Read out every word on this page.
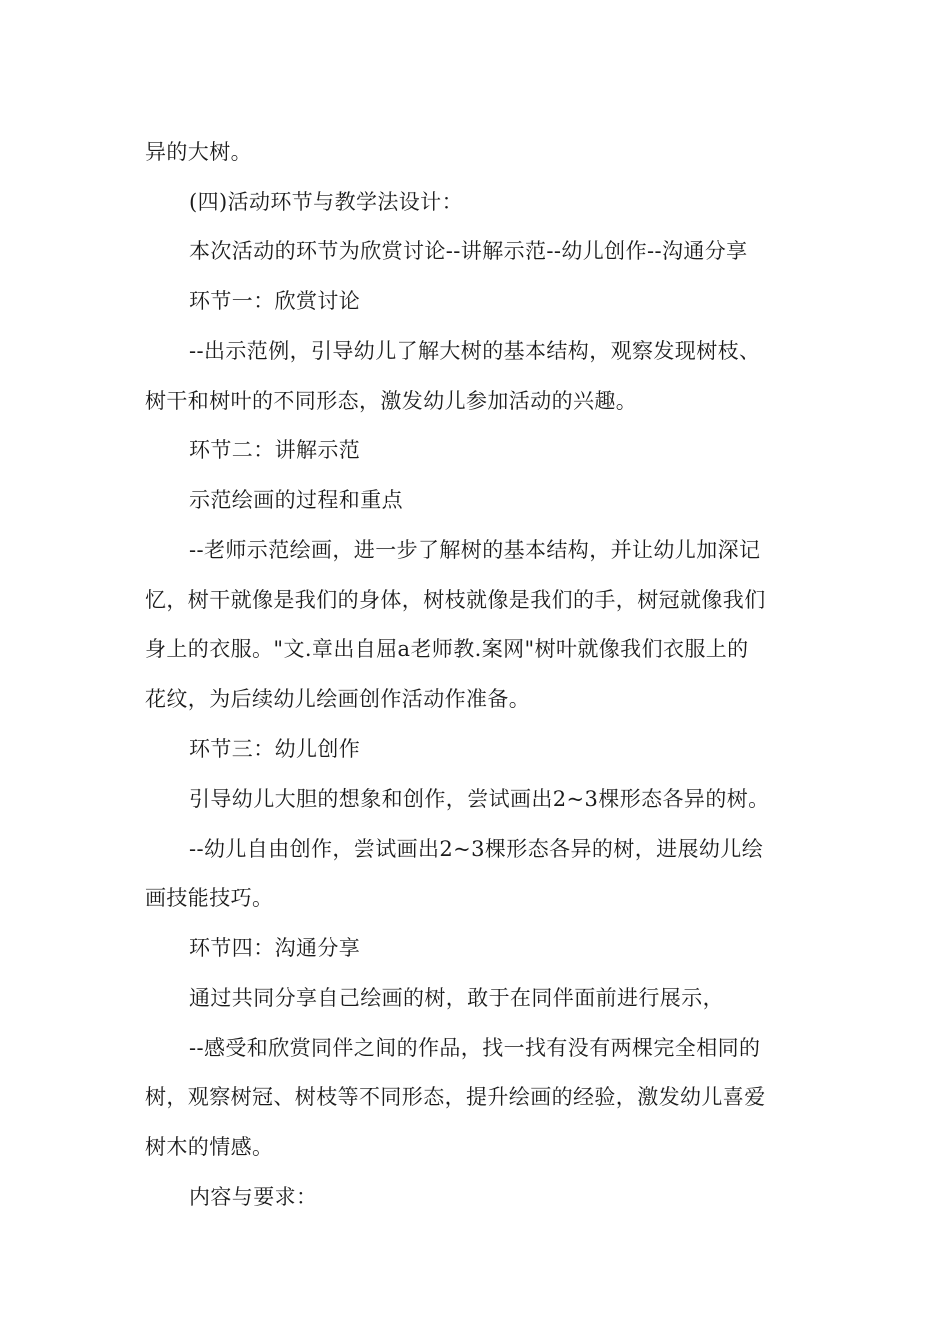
异的大树。
(四)活动环节与教学法设计：
本次活动的环节为欣赏讨论--讲解示范--幼儿创作--沟通分享
环节一：欣赏讨论
--出示范例，引导幼儿了解大树的基本结构，观察发现树枝、
树干和树叶的不同形态，激发幼儿参加活动的兴趣。
环节二：讲解示范
示范绘画的过程和重点
--老师示范绘画，进一步了解树的基本结构，并让幼儿加深记
忆，树干就像是我们的身体，树枝就像是我们的手，树冠就像我们
身上的衣服。"文.章出自屈a老师教.案网"树叶就像我们衣服上的
花纹，为后续幼儿绘画创作活动作准备。
环节三：幼儿创作
引导幼儿大胆的想象和创作，尝试画出2~3棵形态各异的树。
--幼儿自由创作，尝试画出2~3棵形态各异的树，进展幼儿绘
画技能技巧。
环节四：沟通分享
通过共同分享自己绘画的树，敢于在同伴面前进行展示，
--感受和欣赏同伴之间的作品，找一找有没有两棵完全相同的
树，观察树冠、树枝等不同形态，提升绘画的经验，激发幼儿喜爱
树木的情感。
内容与要求：
